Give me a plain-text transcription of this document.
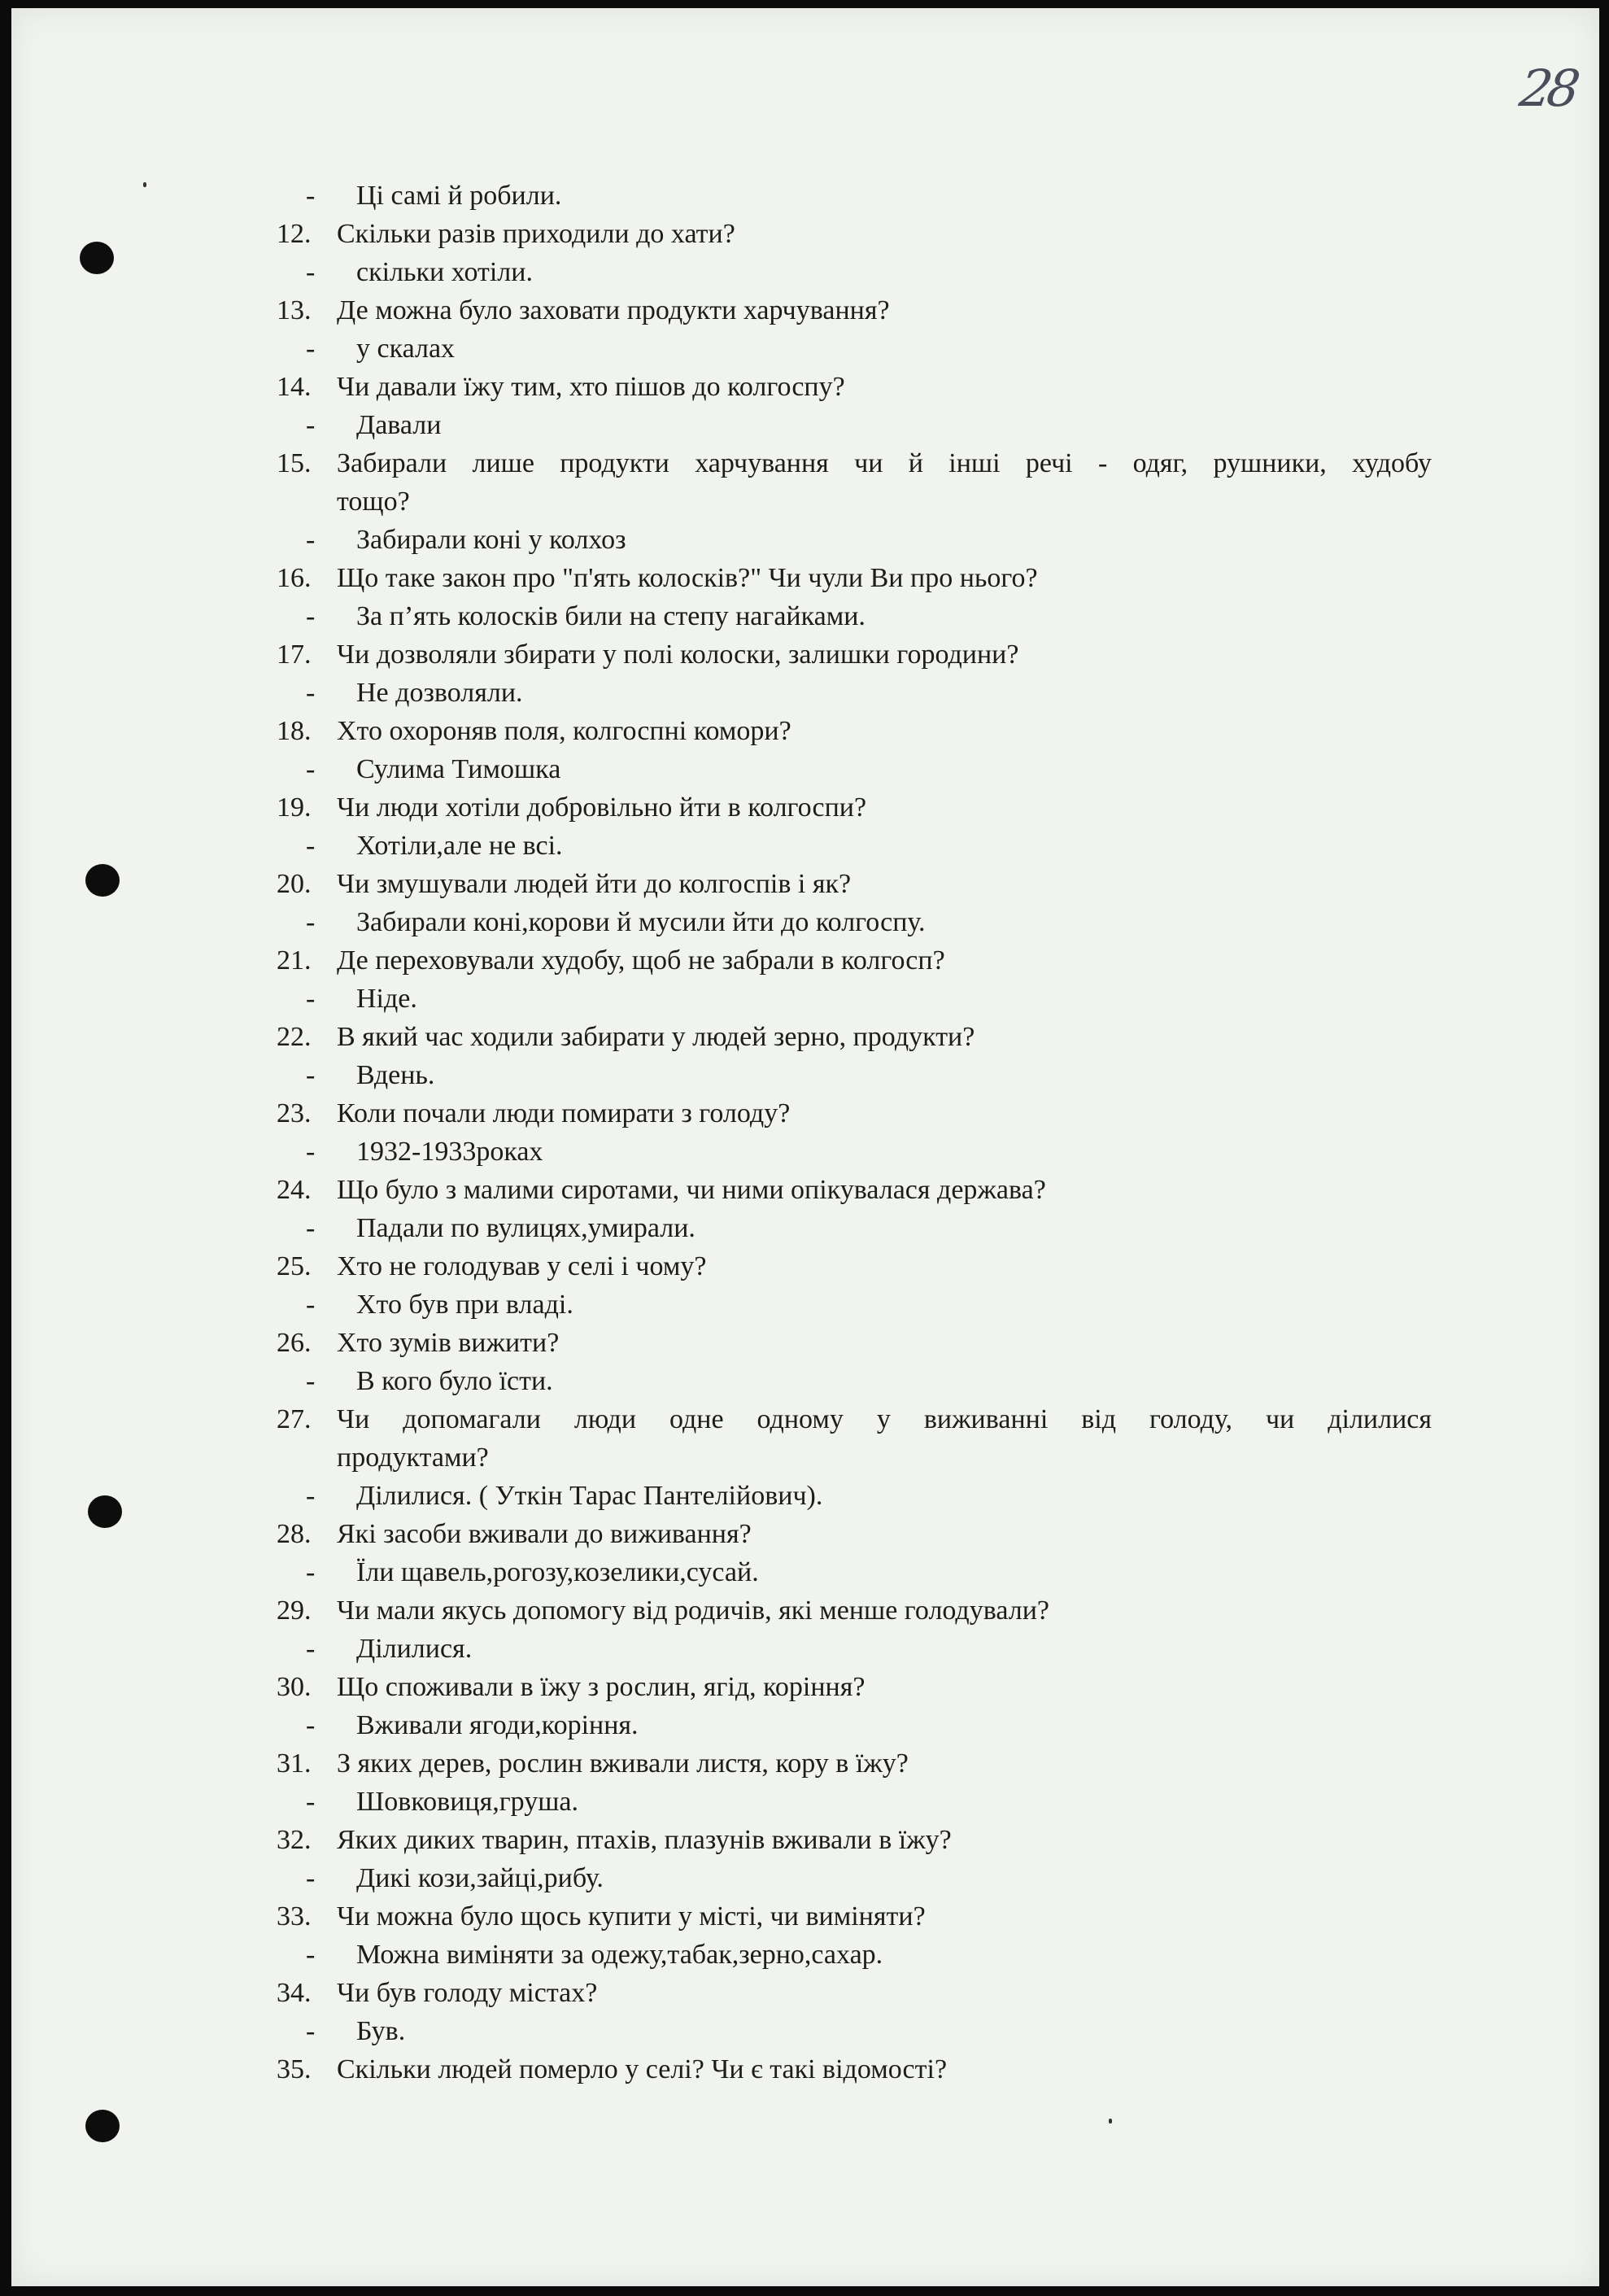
28
- Ці самі й робили.
12. Скільки разів приходили до хати?
- скільки хотіли.
13. Де можна було заховати продукти харчування?
- у скалах
14. Чи давали їжу тим, хто пішов до колгоспу?
- Давали
15. Забирали лише продукти харчування чи й інші речі - одяг, рушники, худобу
тощо?
- Забирали коні у колхоз
16. Що таке закон про "п'ять колосків?" Чи чули Ви про нього?
- За п’ять колосків били на степу нагайками.
17. Чи дозволяли збирати у полі колоски, залишки городини?
- Не дозволяли.
18. Хто охороняв поля, колгоспні комори?
- Сулима Тимошка
19. Чи люди хотіли добровільно йти в колгоспи?
- Хотіли,але не всі.
20. Чи змушували людей йти до колгоспів і як?
- Забирали коні,корови й мусили йти до колгоспу.
21. Де переховували худобу, щоб не забрали в колгосп?
- Ніде.
22. В який час ходили забирати у людей зерно, продукти?
- Вдень.
23. Коли почали люди помирати з голоду?
- 1932-1933роках
24. Що було з малими сиротами, чи ними опікувалася держава?
- Падали по вулицях,умирали.
25. Хто не голодував у селі і чому?
- Хто був при владі.
26. Хто зумів вижити?
- В кого було їсти.
27. Чи допомагали люди одне одному у виживанні від голоду, чи ділилися
продуктами?
- Ділилися. ( Уткін Тарас Пантелійович).
28. Які засоби вживали до виживання?
- Їли щавель,рогозу,козелики,сусай.
29. Чи мали якусь допомогу від родичів, які менше голодували?
- Ділилися.
30. Що споживали в їжу з рослин, ягід, коріння?
- Вживали ягоди,коріння.
31. З яких дерев, рослин вживали листя, кору в їжу?
- Шовковиця,груша.
32. Яких диких тварин, птахів, плазунів вживали в їжу?
- Дикі кози,зайці,рибу.
33. Чи можна було щось купити у місті, чи виміняти?
- Можна виміняти за одежу,табак,зерно,сахар.
34. Чи був голоду містах?
- Був.
35. Скільки людей померло у селі? Чи є такі відомості?
